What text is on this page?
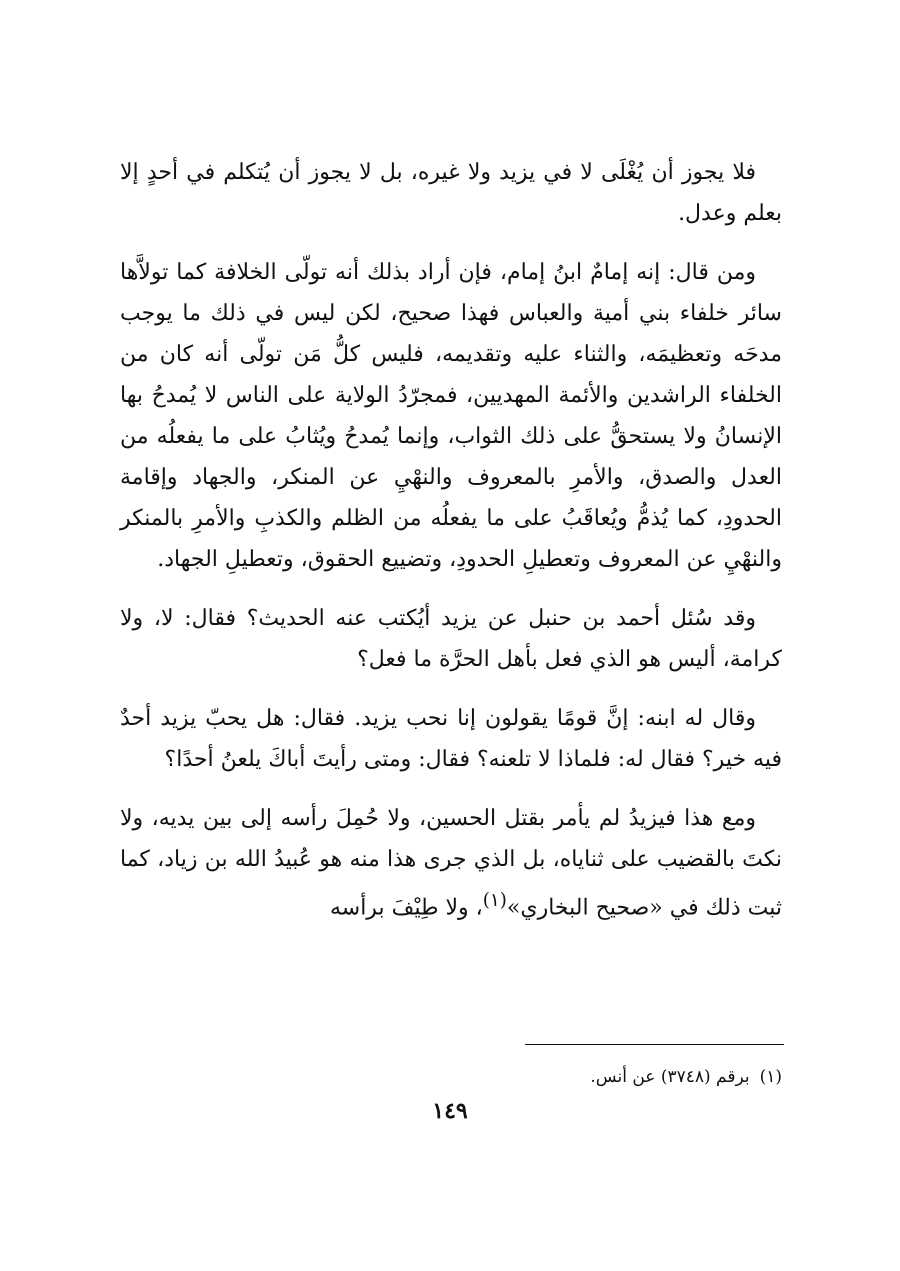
فلا يجوز أن يُغْلَى لا في يزيد ولا غيره، بل لا يجوز أن يُتكلم في أحدٍ إلا بعلم وعدل.

ومن قال: إنه إمامٌ ابنُ إمام، فإن أراد بذلك أنه تولّى الخلافة كما تولاَّها سائر خلفاء بني أمية والعباس فهذا صحيح، لكن ليس في ذلك ما يوجب مدحَه وتعظيمَه، والثناء عليه وتقديمه، فليس كلُّ مَن تولّى أنه كان من الخلفاء الراشدين والأئمة المهديين، فمجرّدُ الولاية على الناس لا يُمدحُ بها الإنسانُ ولا يستحقُّ على ذلك الثواب، وإنما يُمدحُ ويُثابُ على ما يفعلُه من العدل والصدق، والأمرِ بالمعروف والنهْيِ عن المنكر، والجهاد وإقامة الحدودِ، كما يُذمُّ ويُعاقَبُ على ما يفعلُه من الظلم والكذبِ والأمرِ بالمنكر والنهْيِ عن المعروف وتعطيلِ الحدودِ، وتضييع الحقوق، وتعطيلِ الجهاد.

وقد سُئل أحمد بن حنبل عن يزيد أيُكتب عنه الحديث؟ فقال: لا، ولا كرامة، أليس هو الذي فعل بأهل الحرَّة ما فعل؟

وقال له ابنه: إنَّ قومًا يقولون إنا نحب يزيد. فقال: هل يحبّ يزيد أحدٌ فيه خير؟ فقال له: فلماذا لا تلعنه؟ فقال: ومتى رأيتَ أباكَ يلعنُ أحدًا؟

ومع هذا فيزيدُ لم يأمر بقتل الحسين، ولا حُمِلَ رأسه إلى بين يديه، ولا نكتَ بالقضيب على ثناياه، بل الذي جرى هذا منه هو عُبيدُ الله بن زياد، كما ثبت ذلك في «صحيح البخاري»$^{(١)}$، ولا طِيْفَ برأسه

(١)برقم (٣٧٤٨) عن أنس.
١٤٩
